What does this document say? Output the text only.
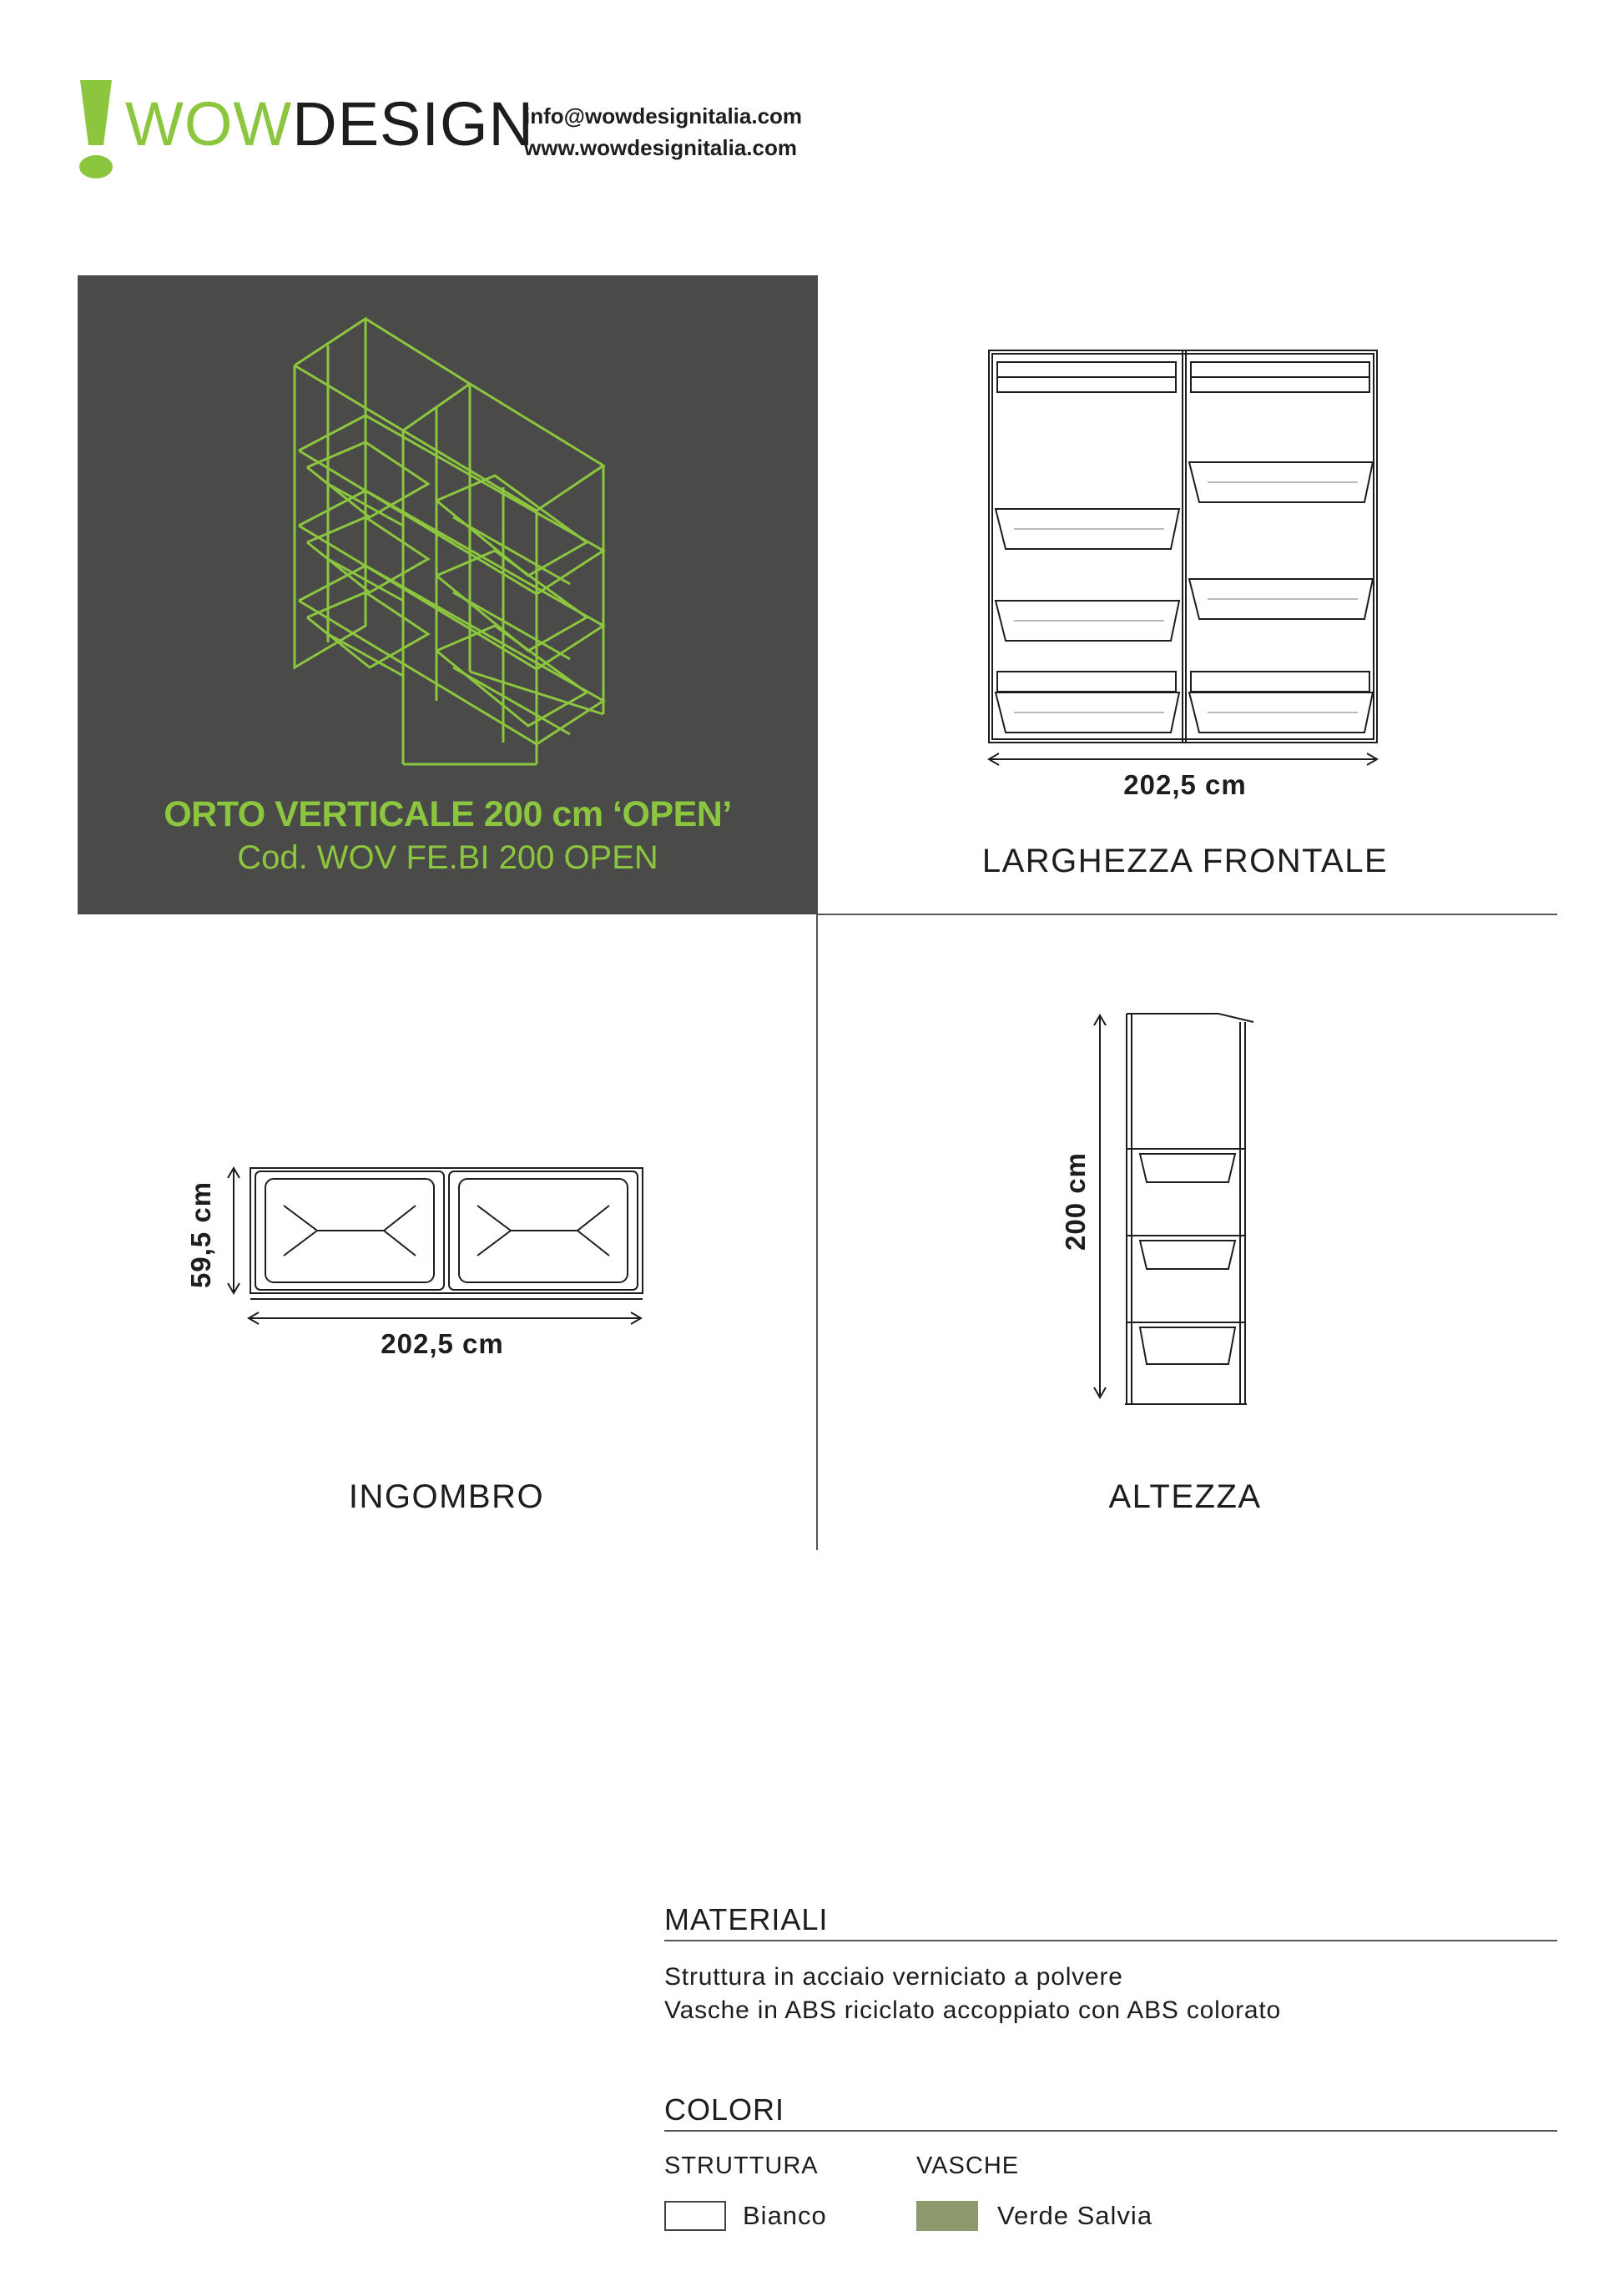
WOWDESIGN
info@wowdesignitalia.com
www.wowdesignitalia.com
ORTO VERTICALE 200 cm ‘OPEN’
Cod. WOV FE.BI 200 OPEN
202,5 cm
LARGHEZZA FRONTALE
59,5 cm
202,5 cm
INGOMBRO
200 cm
ALTEZZA
MATERIALI
Struttura in acciaio verniciato a polvere
Vasche in ABS riciclato accoppiato con ABS colorato
COLORI
STRUTTURA
Bianco
VASCHE
Verde Salvia
